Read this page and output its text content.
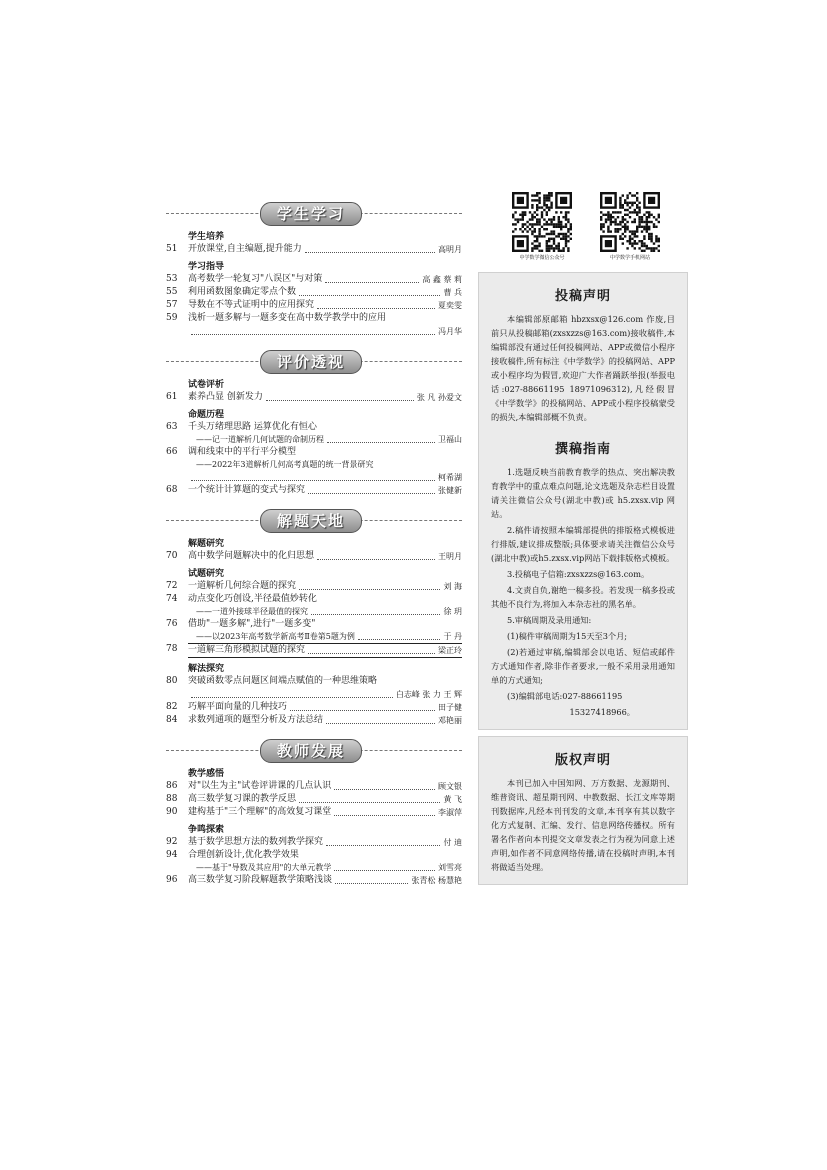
学生学习
学生培养
51	开放课堂,自主编题,提升能力	高明月
学习指导
53	高考数学一轮复习"八误区"与对策	高 鑫 蔡 莉
55	利用函数图象确定零点个数	曹 兵
57	导数在不等式证明中的应用探究	夏奕雯
59	浅析一题多解与一题多变在高中数学教学中的应用
冯月华
评价透视
试卷评析
61	素养凸显 创新发力	张 凡 孙爱文
命题历程
63	千头万绪理思路 运算优化有恒心
——记一道解析几何试题的命制历程	卫福山
66	调和线束中的平行平分模型
——2022年3道解析几何高考真题的统一背景研究
柯希湖
68	一个统计计算题的变式与探究	张健新
解题天地
解题研究
70	高中数学问题解决中的化归思想	王明月
试题研究
72	一道解析几何综合题的探究	刘 海
74	动点变化巧创设,半径最值妙转化
——一道外接球半径最值的探究	徐 玥
76	借助"一题多解",进行"一题多变"
——以2023年高考数学新高考Ⅱ卷第5题为例	于 丹
78	一道解三角形模拟试题的探究	梁正玲
解法探究
80	突破函数零点问题区间端点赋值的一种思维策略
白志峰 张 力 王 辉
82	巧解平面向量的几种技巧	田子健
84	求数列通项的题型分析及方法总结	邓艳丽
教师发展
教学感悟
86	对"以生为主"试卷评讲课的几点认识	顾文银
88	高三数学复习课的教学反思	黄 飞
90	建构基于"三个理解"的高效复习课堂	李淑萍
争鸣探索
92	基于数学思想方法的数列教学探究	付 迪
94	合理创新设计,优化教学效果
——基于"导数及其应用"的大单元教学	刘雪亮
96	高三数学复习阶段解题教学策略浅谈	张青松 杨慧艳
中学数学微信公众号	中学数学手机网站
投稿声明

本编辑部原邮箱 hbzxsx@126.com 作废,目前只从投稿邮箱(zxsxzzs@163.com)接收稿件,本编辑部没有通过任何投稿网站、APP或微信小程序接收稿件,所有标注《中学数学》的投稿网站、APP或小程序均为假冒,欢迎广大作者踊跃举报(举报电话:027-88661195 18971096312),凡经假冒《中学数学》的投稿网站、APP或小程序投稿蒙受的损失,本编辑部概不负责。

撰稿指南

1.选题反映当前教育教学的热点、突出解决教育教学中的重点难点问题,论文选题及杂志栏目设置请关注微信公众号(湖北中教)或 h5.zxsx.vip 网站。

2.稿件请按照本编辑部提供的排版格式模板进行排版,建议排成整版;具体要求请关注微信公众号(湖北中教)或h5.zxsx.vip网站下载排版格式模板。

3.投稿电子信箱:zxsxzzs@163.com。

4.文责自负,谢绝一稿多投。若发现一稿多投或其他不良行为,将加入本杂志社的黑名单。

5.审稿周期及录用通知:

(1)稿件审稿周期为15天至3个月;

(2)若通过审稿,编辑部会以电话、短信或邮件方式通知作者,除非作者要求,一般不采用录用通知单的方式通知;

(3)编辑部电话:027-88661195

15327418966。

版权声明

本刊已加入中国知网、万方数据、龙源期刊、维普资讯、超星期刊网、中教数据、长江文库等期刊数据库,凡经本刊刊发的文章,本刊享有其以数字化方式复制、汇编、发行、信息网络传播权。所有署名作者向本刊提交文章发表之行为视为同意上述声明,如作者不同意网络传播,请在投稿时声明,本刊将做适当处理。
